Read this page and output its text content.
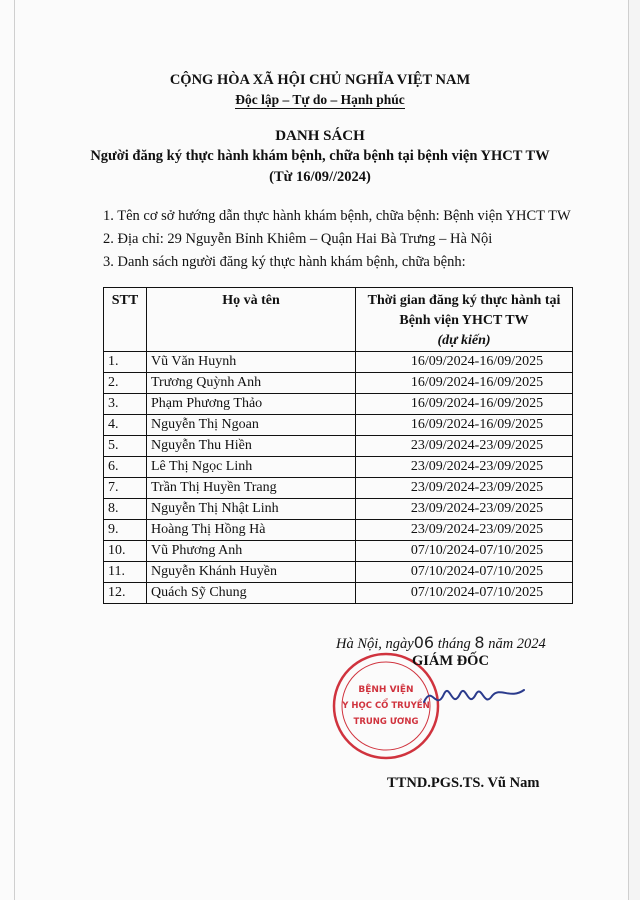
CỘNG HÒA XÃ HỘI CHỦ NGHĨA VIỆT NAM
Độc lập – Tự do – Hạnh phúc
DANH SÁCH
Người đăng ký thực hành khám bệnh, chữa bệnh tại bệnh viện YHCT TW
(Từ 16/09//2024)
1. Tên cơ sở hướng dẫn thực hành khám bệnh, chữa bệnh: Bệnh viện YHCT TW
2. Địa chỉ: 29 Nguyễn Bỉnh Khiêm – Quận Hai Bà Trưng – Hà Nội
3. Danh sách người đăng ký thực hành khám bệnh, chữa bệnh:
STT	Họ và tên	Thời gian đăng ký thực hành tại
Bệnh viện YHCT TW
(dự kiến)

1.	Vũ Văn Huynh	16/09/2024-16/09/2025
2.	Trương Quỳnh Anh	16/09/2024-16/09/2025
3.	Phạm Phương Thảo	16/09/2024-16/09/2025
4.	Nguyễn Thị Ngoan	16/09/2024-16/09/2025
5.	Nguyễn Thu Hiền	23/09/2024-23/09/2025
6.	Lê Thị Ngọc Linh	23/09/2024-23/09/2025
7.	Trần Thị Huyền Trang	23/09/2024-23/09/2025
8.	Nguyễn Thị Nhật Linh	23/09/2024-23/09/2025
9.	Hoàng Thị Hồng Hà	23/09/2024-23/09/2025
10.	Vũ Phương Anh	07/10/2024-07/10/2025
11.	Nguyễn Khánh Huyền	07/10/2024-07/10/2025
12.	Quách Sỹ Chung	07/10/2024-07/10/2025
Hà Nội, ngày06 tháng 8 năm 2024
BỆNH VIỆN
Y HỌC CỔ TRUYỀN
TRUNG ƯƠNG
GIÁM ĐỐC
TTND.PGS.TS. Vũ Nam
